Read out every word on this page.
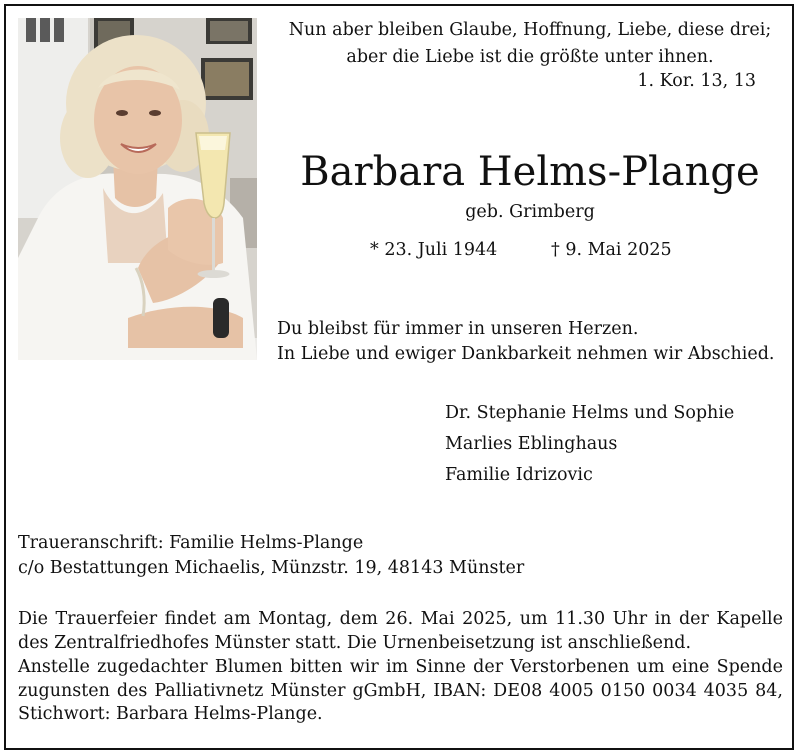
Nun aber bleiben Glaube, Hoffnung, Liebe, diese drei;
aber die Liebe ist die größte unter ihnen.
1. Kor. 13, 13
Barbara Helms-Plange
geb. Grimberg
* 23. Juli 1944	† 9. Mai 2025
Du bleibst für immer in unseren Herzen.
In Liebe und ewiger Dankbarkeit nehmen wir Abschied.
Dr. Stephanie Helms und Sophie
Marlies Eblinghaus
Familie Idrizovic
Traueranschrift: Familie Helms-Plange
c/o Bestattungen Michaelis, Münzstr. 19, 48143 Münster
Die Trauerfeier findet am Montag, dem 26. Mai 2025, um 11.30 Uhr in der Kapelle
des Zentralfriedhofes Münster statt. Die Urnenbeisetzung ist anschließend.
Anstelle zugedachter Blumen bitten wir im Sinne der Verstorbenen um eine Spende
zugunsten des Palliativnetz Münster gGmbH, IBAN: DE08 4005 0150 0034 4035 84,
Stichwort: Barbara Helms-Plange.
